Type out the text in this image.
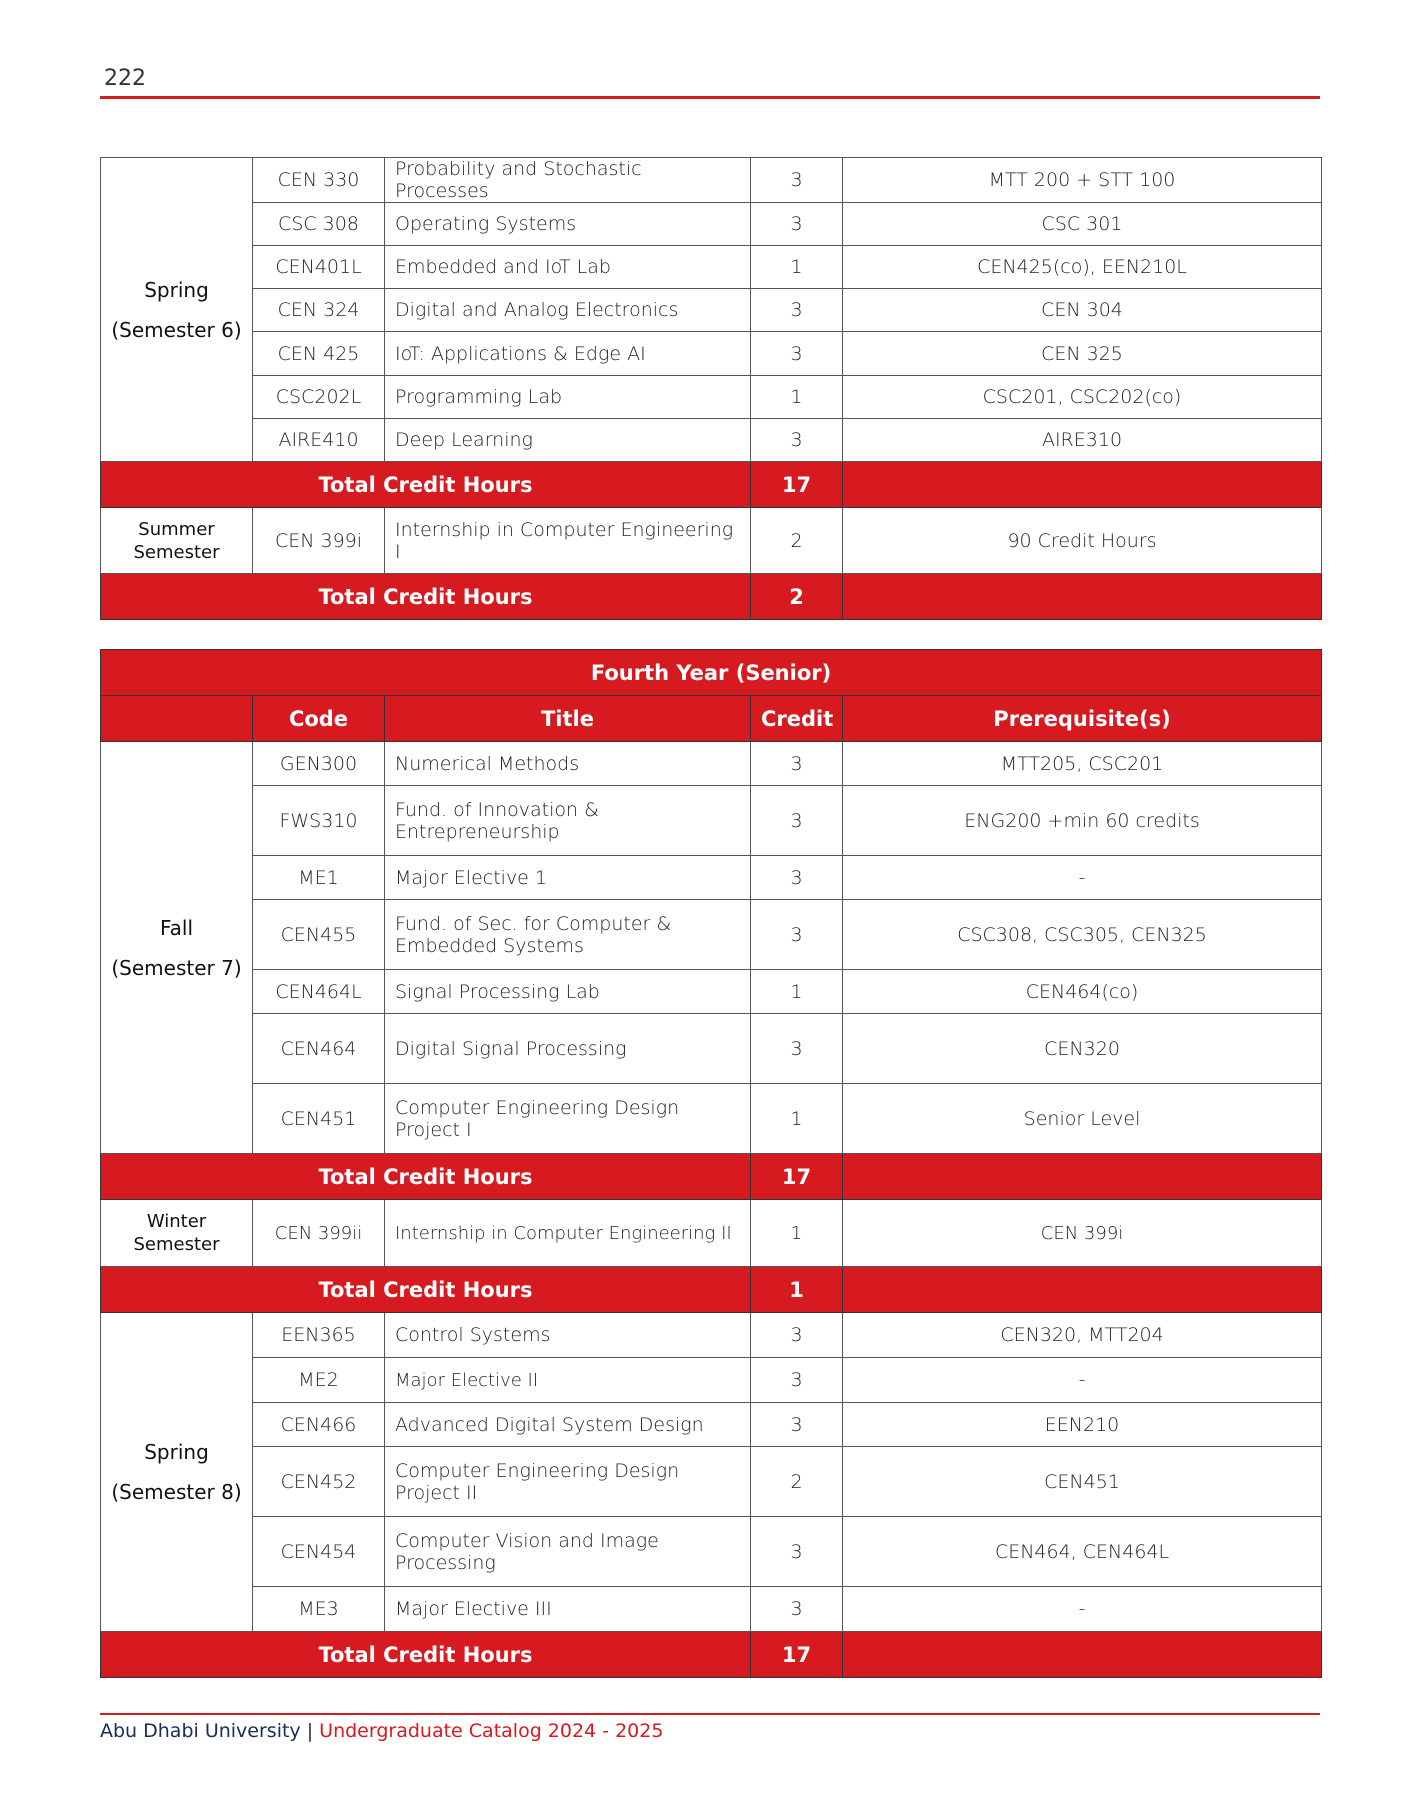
222
Spring
(Semester 6)	CEN 330	Probability and Stochastic Processes	3	MTT 200 + STT 100
	CSC 308	Operating Systems	3	CSC 301
	CEN401L	Embedded and IoT Lab	1	CEN425(co), EEN210L
	CEN 324	Digital and Analog Electronics	3	CEN 304
	CEN 425	IoT: Applications & Edge AI	3	CEN 325
	CSC202L	Programming Lab	1	CSC201, CSC202(co)
	AIRE410	Deep Learning	3	AIRE310
Total Credit Hours			17	

Summer
Semester	CEN 399i	Internship in Computer Engineering I	2	90 Credit Hours
Total Credit Hours			2	
Fourth Year (Senior)				
	Code	Title	Credit	Prerequisite(s)

Fall
(Semester 7)	GEN300	Numerical Methods	3	MTT205, CSC201
	FWS310	Fund. of Innovation & Entrepreneurship	3	ENG200 +min 60 credits
	ME1	Major Elective 1	3	-
	CEN455	Fund. of Sec. for Computer & Embedded Systems	3	CSC308, CSC305, CEN325
	CEN464L	Signal Processing Lab	1	CEN464(co)
	CEN464	Digital Signal Processing	3	CEN320
	CEN451	Computer Engineering Design Project I	1	Senior Level
Total Credit Hours			17	

Winter
Semester	CEN 399ii	Internship in Computer Engineering II	1	CEN 399i
Total Credit Hours			1	

Spring
(Semester 8)	EEN365	Control Systems	3	CEN320, MTT204
	ME2	Major Elective II	3	-
	CEN466	Advanced Digital System Design	3	EEN210
	CEN452	Computer Engineering Design Project II	2	CEN451
	CEN454	Computer Vision and Image Processing	3	CEN464, CEN464L
	ME3	Major Elective III	3	-
Total Credit Hours			17	
Abu Dhabi University | Undergraduate Catalog 2024 - 2025
